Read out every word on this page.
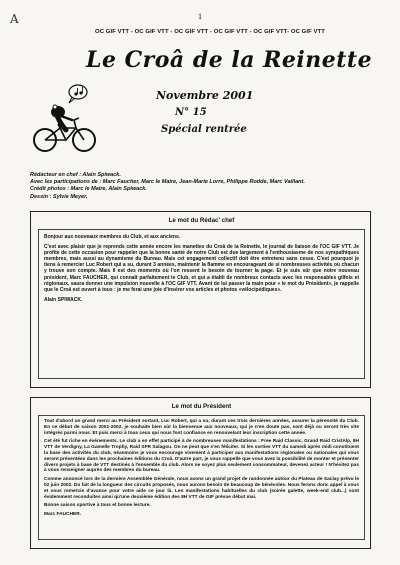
A	1
OC GIF VTT - OC GIF VTT - OC GIF VTT - OC GIF VTT - OC GIF VTT- OC GIF VTT
Le Croâ de la Reinette
Novembre 2001
N° 15
Spécial rentrée
Rédacteur en chef : Alain Spiwack.
Avec les participations de : Marc Faucher, Marc le Maire, Jean-Marie Lorre, Philippe Rodde, Marc Vaillant.
Crédit photos : Marc le Maire, Alain Spiwack.
Dessin : Sylvie Meyer.
Le mot du Rédac' chef

Bonjour aux nouveaux membres du Club, et aux anciens.

C'est avec plaisir que je reprends cette année encore les manettes du Croâ de la Reinette, le journal de liaison de l'OC GIF VTT. Je profite de cette occasion pour rappeler que la bonne santé de notre Club est due largement à l'enthousiasme de nos sympathiques membres, mais aussi au dynamisme du Bureau. Mais cet engagement collectif doit être entretenu sans cesse. C'est pourquoi je tiens à remercier Luc Robert qui a su, durant 3 années, maintenir la flamme en encourageant de si nombreuses activités où chacun y trouve son compte. Mais il est des moments où l'on ressent le besoin de tourner la page. Et je suis sûr que notre nouveau président, Marc FAUCHER, qui connaît parfaitement le Club, et qui a établi de nombreux contacts avec les responsables gilfois et régionaux, saura donner une impulsion nouvelle à l'OC GIF VTT. Avant de lui passer la main pour « le mot du Président», je rappelle que le Croâ est ouvert à tous : je me ferai une joie d'insérer vos articles et photos «vélocipédiques».

Alain SPIWACK.

Le mot du Président

Tout d'abord un grand merci au Président sortant, Luc Robert, qui a su, durant ces trois dernières années, assurer la pérennité du Club. En ce début de saison 2001-2002, je souhaite bien sûr la bienvenue aux nouveaux, qui je n'en doute pas, sont déjà ou seront très vite intégrés parmi nous. Et puis merci à tous ceux qui nous font confiance en renouvelant leur inscription cette année.

Cet été fut riche en événements. Le club a en effet participé à de nombreuses manifestations : Free Raid Classic, Grand Raid CristAlp, 8H VTT de Verdigny, La Gamelle Trophy, Raid SFR Salagou. On ne peut que s'en féliciter. Si les sorties VTT du samedi après midi constituent la base des activités du club, néanmoins je vous encourage vivement à participer aux manifestations régionales ou nationales qui vous seront présentées dans les prochaines éditions du Croâ. D'autre part, je vous rappelle que vous avez la possibilité de monter et présenter divers projets à base de VTT destinés à l'ensemble du club. Alors ne soyez plus seulement consommateur, devenez acteur ! N'hésitez pas à vous renseigner auprès des membres du bureau.

Comme annoncé lors de la dernière Assemblée Générale, nous avons un grand projet de randonnée autour du Plateau de Saclay prévu le 02 juin 2002. Du fait de la longueur des circuits proposés, nous aurons besoin de beaucoup de bénévoles. Nous ferons donc appel à vous et vous remercie d'avance pour votre aide ce jour là. Les manifestations habituelles du club (soirée galette, week-end club...) sont évidemment reconduites ainsi qu'une deuxième édition des 8H VTT de GIF prévue début mai.

Bonne saison sportive à tous et bonne lecture.

Marc FAUCHER.
